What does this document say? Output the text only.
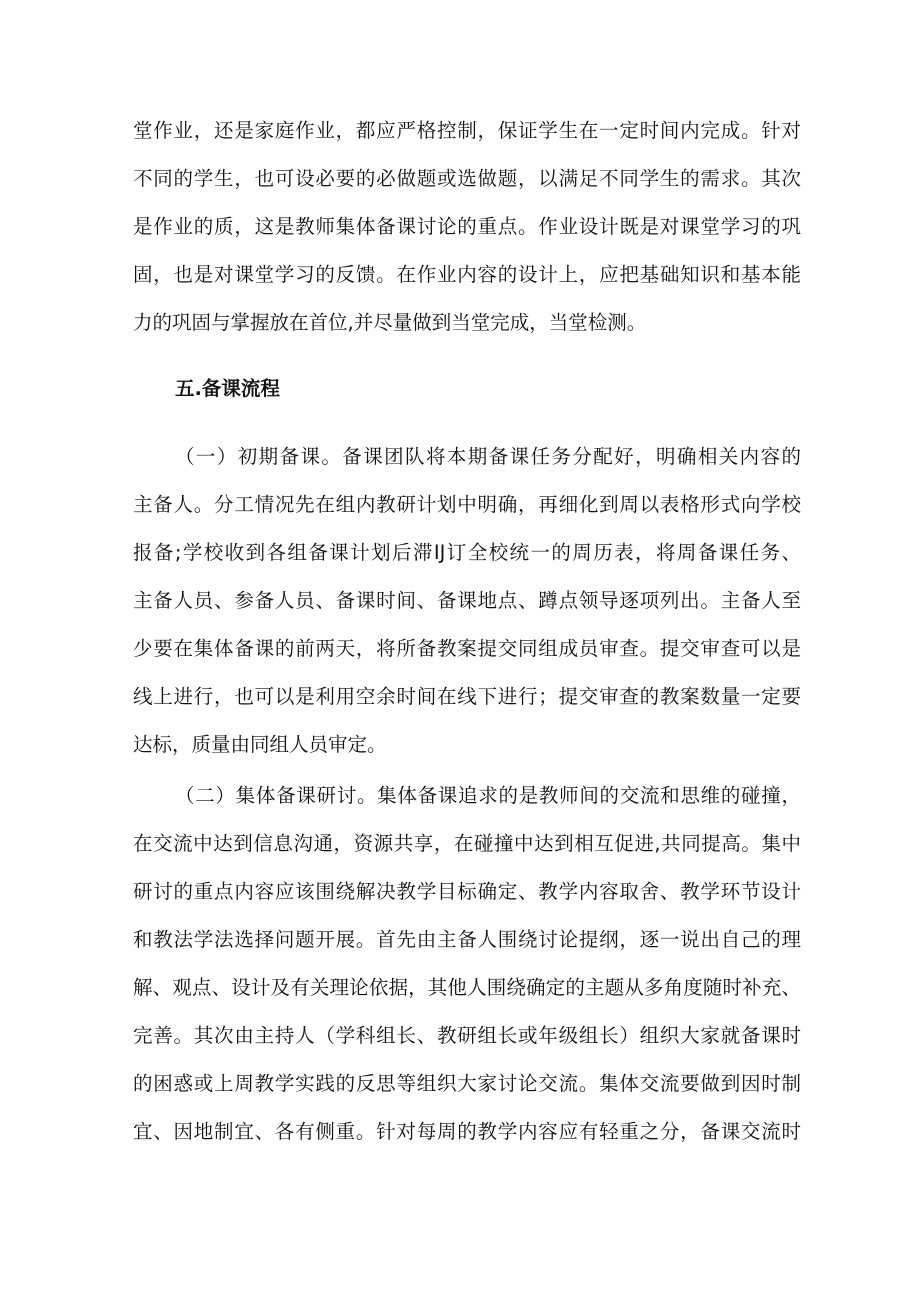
堂作业，还是家庭作业，都应严格控制，保证学生在一定时间内完成。针对
不同的学生，也可设必要的必做题或选做题，以满足不同学生的需求。其次
是作业的质，这是教师集体备课讨论的重点。作业设计既是对课堂学习的巩
固，也是对课堂学习的反馈。在作业内容的设计上，应把基础知识和基本能
力的巩固与掌握放在首位,并尽量做到当堂完成，当堂检测。
五.备课流程
（一）初期备课。备课团队将本期备课任务分配好，明确相关内容的
主备人。分工情况先在组内教研计划中明确，再细化到周以表格形式向学校
报备;学校收到各组备课计划后滞IJ订全校统一的周历表，将周备课任务、
主备人员、参备人员、备课时间、备课地点、蹲点领导逐项列出。主备人至
少要在集体备课的前两天，将所备教案提交同组成员审查。提交审查可以是
线上进行，也可以是利用空余时间在线下进行；提交审查的教案数量一定要
达标，质量由同组人员审定。
（二）集体备课研讨。集体备课追求的是教师间的交流和思维的碰撞，
在交流中达到信息沟通，资源共享，在碰撞中达到相互促进,共同提高。集中
研讨的重点内容应该围绕解决教学目标确定、教学内容取舍、教学环节设计
和教法学法选择问题开展。首先由主备人围绕讨论提纲，逐一说出自己的理
解、观点、设计及有关理论依据，其他人围绕确定的主题从多角度随时补充、
完善。其次由主持人（学科组长、教研组长或年级组长）组织大家就备课时
的困惑或上周教学实践的反思等组织大家讨论交流。集体交流要做到因时制
宜、因地制宜、各有侧重。针对每周的教学内容应有轻重之分，备课交流时
